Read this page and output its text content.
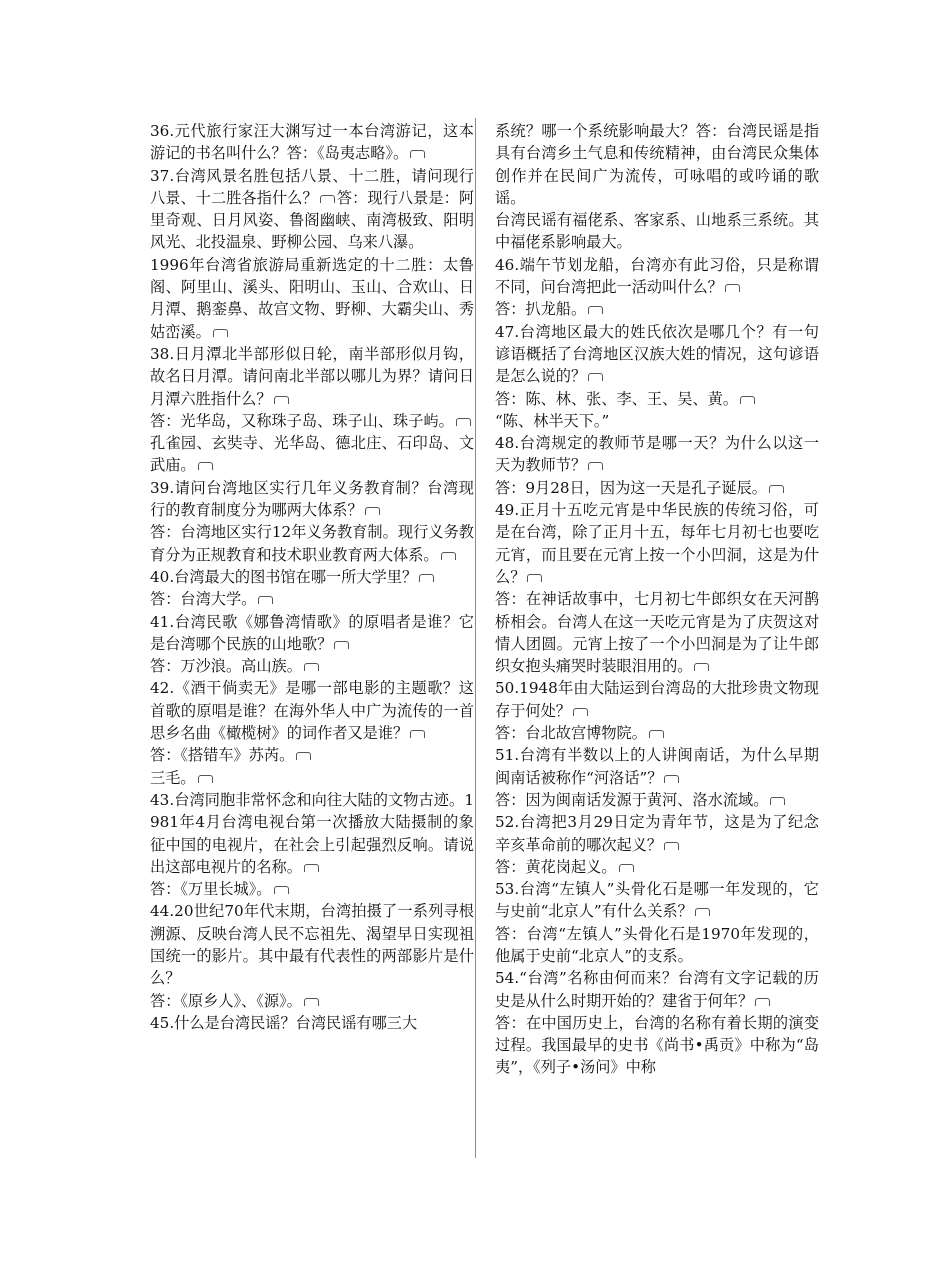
36.元代旅行家汪大渊写过一本台湾游记，这本游记的书名叫什么？答：《岛夷志略》。

37.台湾风景名胜包括八景、十二胜，请问现行八景、十二胜各指什么？ 答：现行八景是：阿里奇观、日月风姿、鲁阁幽峡、南湾极致、阳明风光、北投温泉、野柳公园、乌来八瀑。

1996年台湾省旅游局重新选定的十二胜：太鲁阁、阿里山、溪头、阳明山、玉山、合欢山、日月潭、鹅銮鼻、故宫文物、野柳、大霸尖山、秀姑峦溪。

38.日月潭北半部形似日轮，南半部形似月钩，故名日月潭。请问南北半部以哪儿为界？请问日月潭六胜指什么？

答：光华岛，又称珠子岛、珠子山、珠子屿。

孔雀园、玄奘寺、光华岛、德北庄、石印岛、文武庙。

39.请问台湾地区实行几年义务教育制？台湾现行的教育制度分为哪两大体系？

答：台湾地区实行12年义务教育制。现行义务教育分为正规教育和技术职业教育两大体系。

40.台湾最大的图书馆在哪一所大学里？

答：台湾大学。

41.台湾民歌《娜鲁湾情歌》的原唱者是谁？它是台湾哪个民族的山地歌？

答：万沙浪。高山族。

42.《酒干倘卖无》是哪一部电影的主题歌？这首歌的原唱是谁？在海外华人中广为流传的一首思乡名曲《橄榄树》的词作者又是谁？

答：《搭错车》苏芮。

三毛。

43.台湾同胞非常怀念和向往大陆的文物古迹。1981年4月台湾电视台第一次播放大陆摄制的象征中国的电视片，在社会上引起强烈反响。请说出这部电视片的名称。

答：《万里长城》。

44.20世纪70年代末期，台湾拍摄了一系列寻根溯源、反映台湾人民不忘祖先、渴望早日实现祖国统一的影片。其中最有代表性的两部影片是什么？

答：《原乡人》、《源》。

45.什么是台湾民谣？台湾民谣有哪三大

系统？哪一个系统影响最大？答：台湾民谣是指具有台湾乡土气息和传统精神，由台湾民众集体创作并在民间广为流传，可咏唱的或吟诵的歌谣。

台湾民谣有福佬系、客家系、山地系三系统。其中福佬系影响最大。

46.端午节划龙船，台湾亦有此习俗，只是称谓不同，问台湾把此一活动叫什么？

答：扒龙船。

47.台湾地区最大的姓氏依次是哪几个？有一句谚语概括了台湾地区汉族大姓的情况，这句谚语是怎么说的？

答：陈、林、张、李、王、吴、黄。

“陈、林半天下。”

48.台湾规定的教师节是哪一天？为什么以这一天为教师节？

答：9月28日，因为这一天是孔子诞辰。

49.正月十五吃元宵是中华民族的传统习俗，可是在台湾，除了正月十五，每年七月初七也要吃元宵，而且要在元宵上按一个小凹洞，这是为什么？

答：在神话故事中，七月初七牛郎织女在天河鹊桥相会。台湾人在这一天吃元宵是为了庆贺这对情人团圆。元宵上按了一个小凹洞是为了让牛郎织女抱头痛哭时装眼泪用的。

50.1948年由大陆运到台湾岛的大批珍贵文物现存于何处？

答：台北故宫博物院。

51.台湾有半数以上的人讲闽南话，为什么早期闽南话被称作“河洛话”？

答：因为闽南话发源于黄河、洛水流域。

52.台湾把3月29日定为青年节，这是为了纪念辛亥革命前的哪次起义？

答：黄花岗起义。

53.台湾“左镇人”头骨化石是哪一年发现的，它与史前“北京人”有什么关系？

答：台湾“左镇人”头骨化石是1970年发现的，他属于史前“北京人”的支系。

54.“台湾”名称由何而来？台湾有文字记载的历史是从什么时期开始的？建省于何年？

答：在中国历史上，台湾的名称有着长期的演变过程。我国最早的史书《尚书•禹贡》中称为“岛夷”，《列子•汤问》中称
